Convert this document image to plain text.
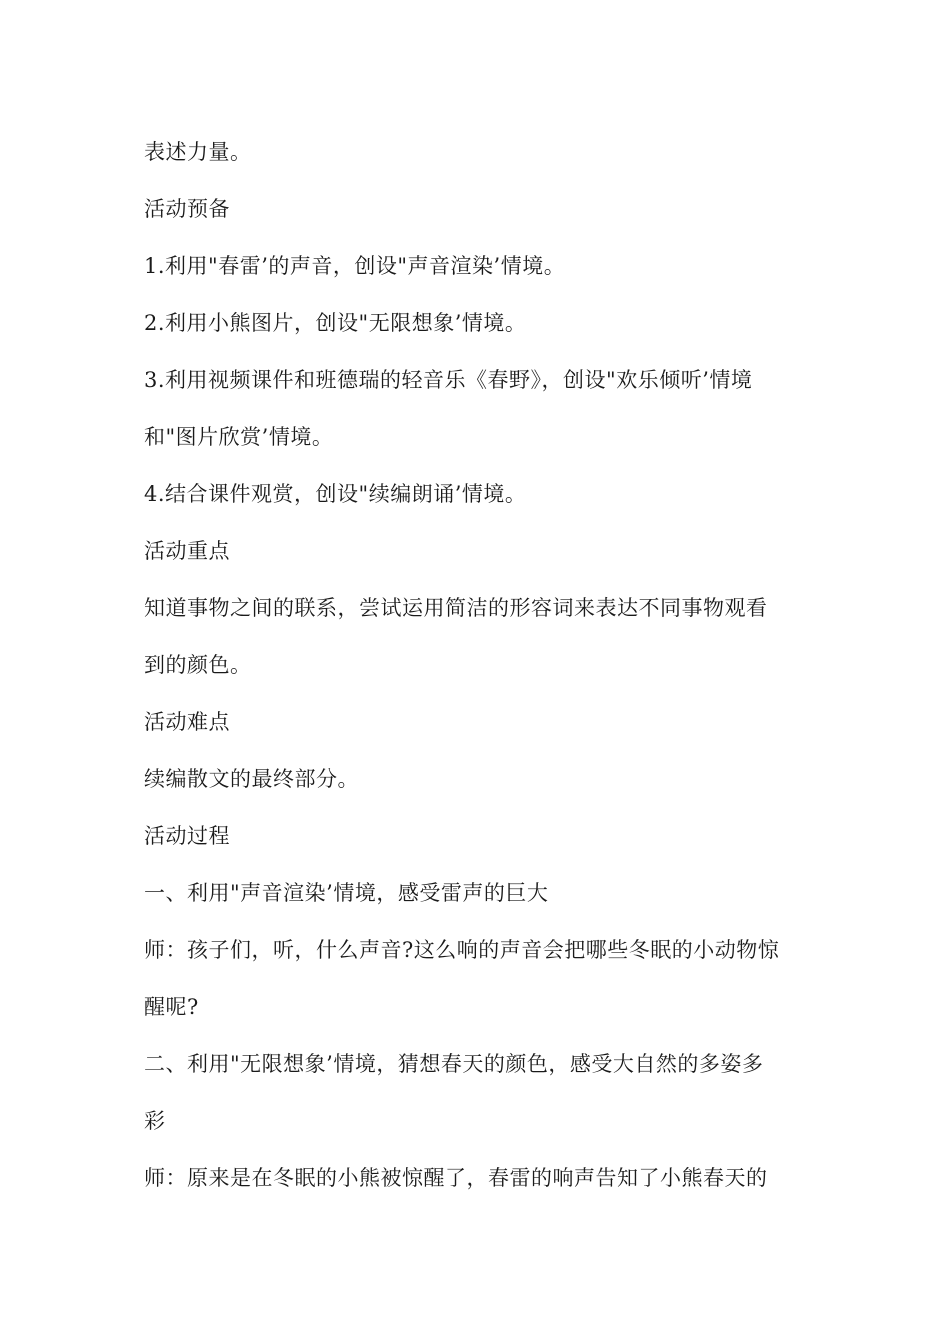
表述力量。
活动预备
1.利用"春雷’的声音，创设"声音渲染’情境。
2.利用小熊图片，创设"无限想象’情境。
3.利用视频课件和班德瑞的轻音乐《春野》，创设"欢乐倾听’情境
和"图片欣赏’情境。
4.结合课件观赏，创设"续编朗诵’情境。
活动重点
知道事物之间的联系，尝试运用简洁的形容词来表达不同事物观看
到的颜色。
活动难点
续编散文的最终部分。
活动过程
一、利用"声音渲染’情境，感受雷声的巨大
师：孩子们，听，什么声音?这么响的声音会把哪些冬眠的小动物惊
醒呢?
二、利用"无限想象’情境，猜想春天的颜色，感受大自然的多姿多
彩
师：原来是在冬眠的小熊被惊醒了，春雷的响声告知了小熊春天的
